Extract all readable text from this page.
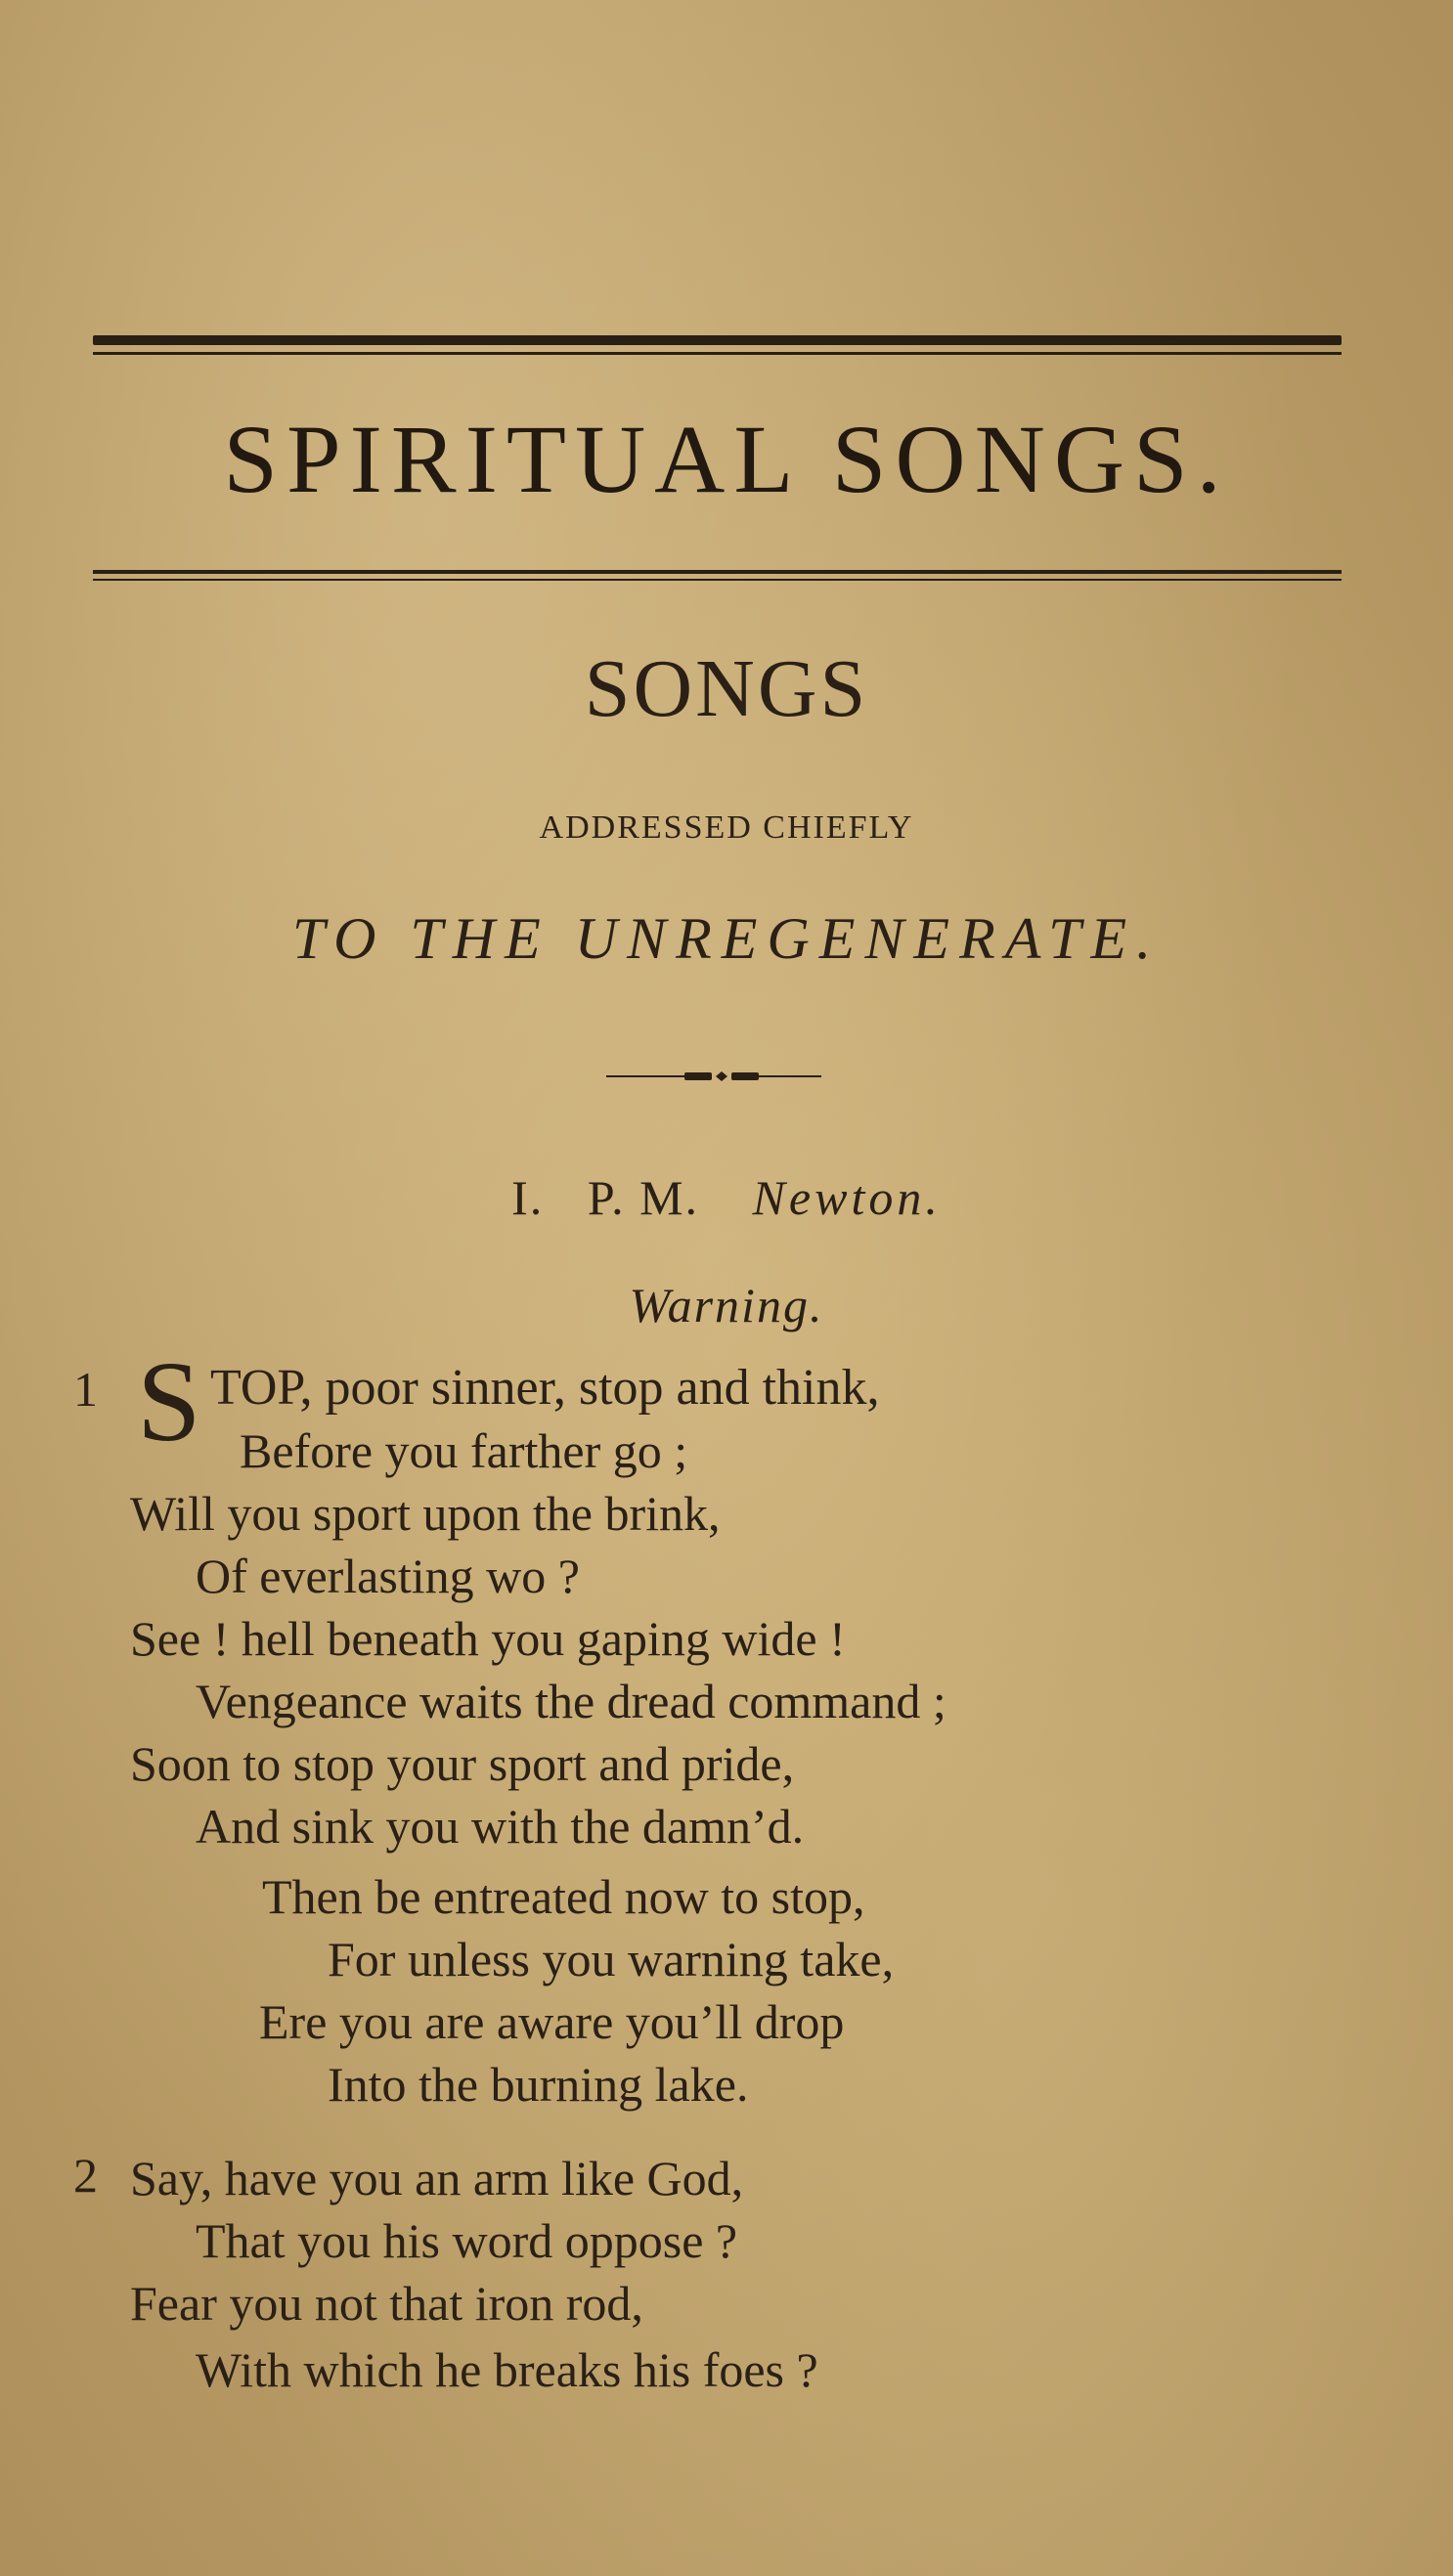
SPIRITUAL SONGS.
SONGS
ADDRESSED CHIEFLY
TO THE UNREGENERATE.
I. P. M. Newton.
Warning.
1 S TOP, poor sinner, stop and think,
Before you farther go ;
Will you sport upon the brink,
Of everlasting wo ?
See ! hell beneath you gaping wide !
Vengeance waits the dread command ;
Soon to stop your sport and pride,
And sink you with the damn’d.
Then be entreated now to stop,
For unless you warning take,
Ere you are aware you’ll drop
Into the burning lake.
2 Say, have you an arm like God,
That you his word oppose ?
Fear you not that iron rod,
With which he breaks his foes ?
